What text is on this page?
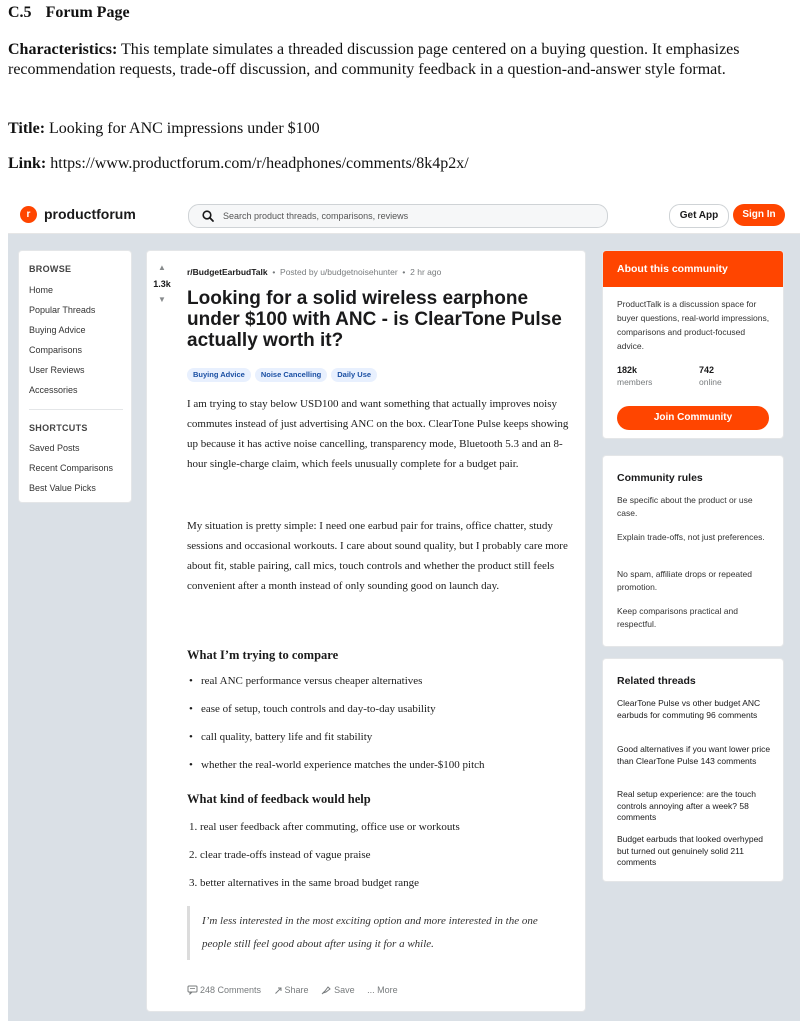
C.5 Forum Page
Characteristics: This template simulates a threaded discussion page centered on a buying question. It emphasizes recommendation requests, trade-off discussion, and community feedback in a question-and-answer style format.
Title: Looking for ANC impressions under $100
Link: https://www.productforum.com/r/headphones/comments/8k4p2x/
r productforum
Search product threads, comparisons, reviews	Get App	Sign In
BROWSE
Home
Popular Threads
Buying Advice
Comparisons
User Reviews
Accessories
SHORTCUTS
Saved Posts
Recent Comparisons
Best Value Picks
▲
1.3k
▼
r/BudgetEarbudTalk  •  Posted by u/budgetnoisehunter  •  2 hr ago
Looking for a solid wireless earphone under $100 with ANC - is ClearTone Pulse actually worth it?
Buying Advice Noise Cancelling Daily Use
I am trying to stay below USD100 and want something that actually improves noisy commutes instead of just advertising ANC on the box. ClearTone Pulse keeps showing up because it has active noise cancelling, transparency mode, Bluetooth 5.3 and an 8-hour single-charge claim, which feels unusually complete for a budget pair.
My situation is pretty simple: I need one earbud pair for trains, office chatter, study sessions and occasional workouts. I care about sound quality, but I probably care more about fit, stable pairing, call mics, touch controls and whether the product still feels convenient after a month instead of only sounding good on launch day.
What I’m trying to compare
• real ANC performance versus cheaper alternatives
• ease of setup, touch controls and day-to-day usability
• call quality, battery life and fit stability
• whether the real-world experience matches the under-$100 pitch
What kind of feedback would help
1. real user feedback after commuting, office use or workouts
2. clear trade-offs instead of vague praise
3. better alternatives in the same broad budget range
I’m less interested in the most exciting option and more interested in the one people still feel good about after using it for a while.
248 Comments	Share	Save ... More
About this community
ProductTalk is a discussion space for buyer questions, real-world impressions, comparisons and product-focused advice.
182k
members
742
online
Join Community
Community rules
Be specific about the product or use case.
Explain trade-offs, not just preferences.
No spam, affiliate drops or repeated promotion.
Keep comparisons practical and respectful.
Related threads
ClearTone Pulse vs other budget ANC earbuds for commuting 96 comments
Good alternatives if you want lower price than ClearTone Pulse 143 comments
Real setup experience: are the touch controls annoying after a week? 58 comments
Budget earbuds that looked overhyped but turned out genuinely solid 211 comments
